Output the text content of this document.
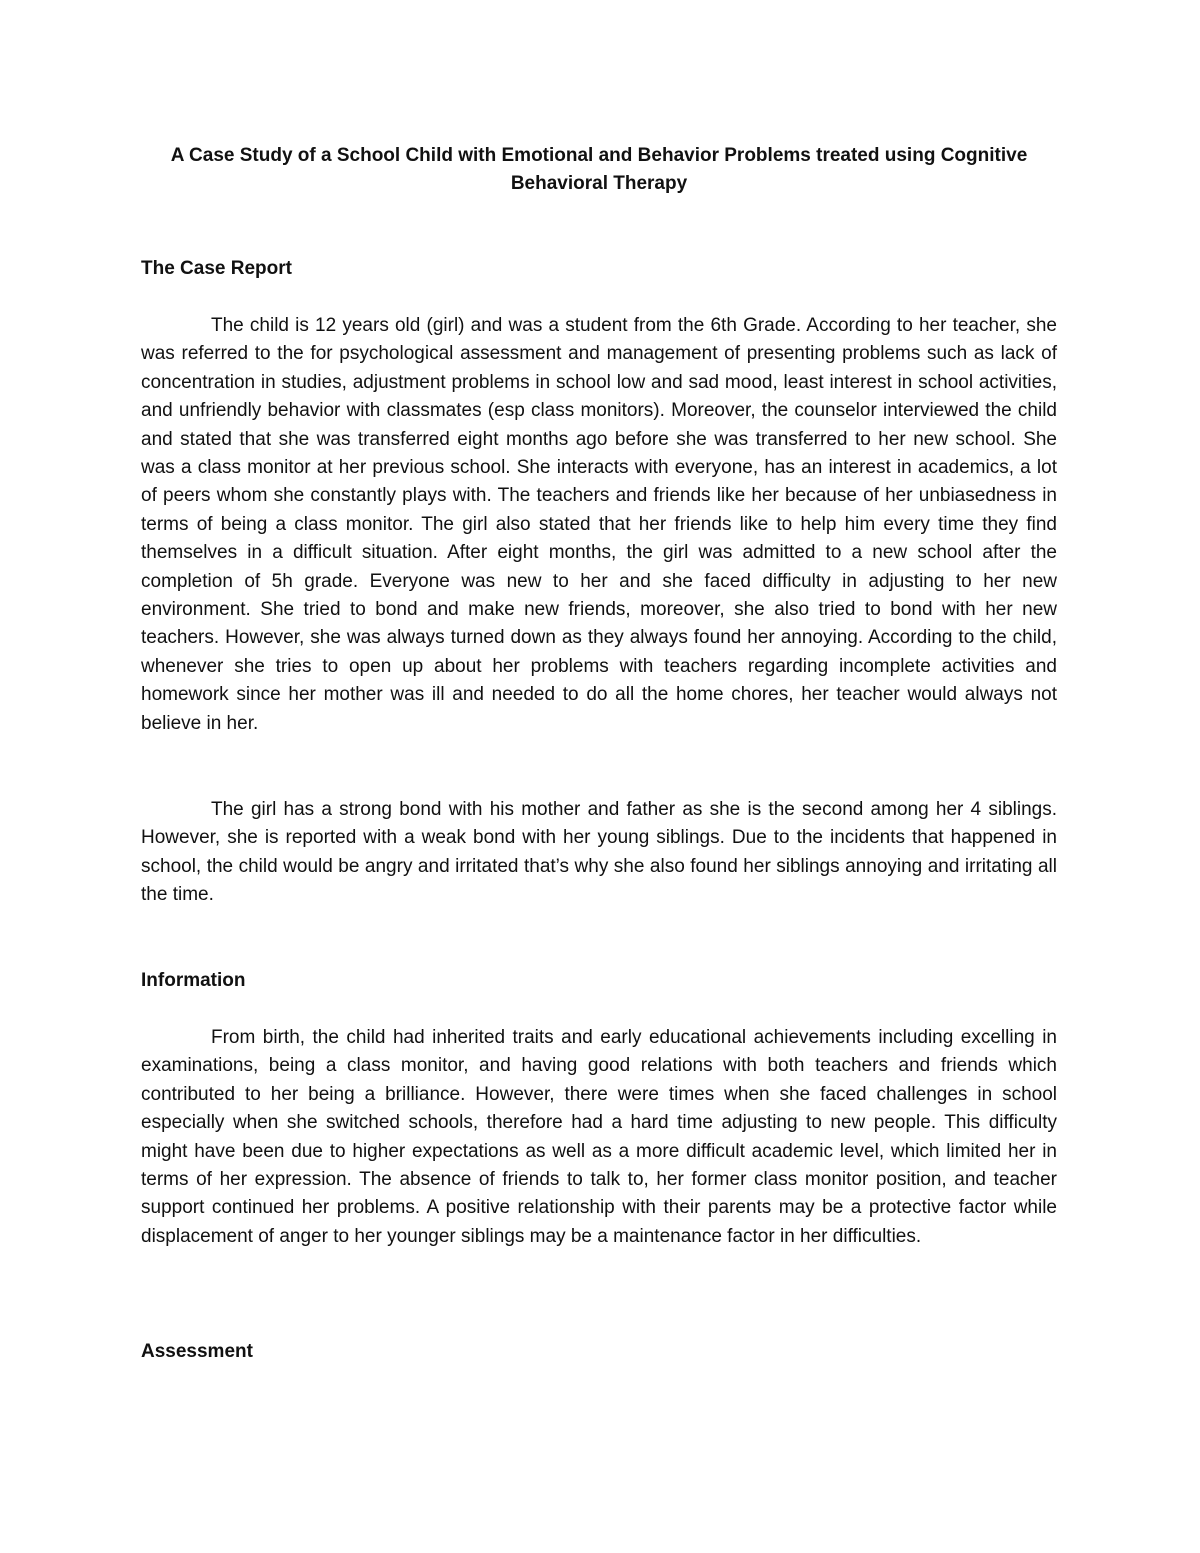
A Case Study of a School Child with Emotional and Behavior Problems treated using Cognitive Behavioral Therapy
The Case Report

The child is 12 years old (girl) and was a student from the 6th Grade. According to her teacher, she was referred to the for psychological assessment and management of presenting problems such as lack of concentration in studies, adjustment problems in school low and sad mood, least interest in school activities, and unfriendly behavior with classmates (esp class monitors). Moreover, the counselor interviewed the child and stated that she was transferred eight months ago before she was transferred to her new school. She was a class monitor at her previous school. She interacts with everyone, has an interest in academics, a lot of peers whom she constantly plays with. The teachers and friends like her because of her unbiasedness in terms of being a class monitor. The girl also stated that her friends like to help him every time they find themselves in a difficult situation. After eight months, the girl was admitted to a new school after the completion of 5h grade. Everyone was new to her and she faced difficulty in adjusting to her new environment. She tried to bond and make new friends, moreover, she also tried to bond with her new teachers. However, she was always turned down as they always found her annoying. According to the child, whenever she tries to open up about her problems with teachers regarding incomplete activities and homework since her mother was ill and needed to do all the home chores, her teacher would always not believe in her.

The girl has a strong bond with his mother and father as she is the second among her 4 siblings. However, she is reported with a weak bond with her young siblings. Due to the incidents that happened in school, the child would be angry and irritated that’s why she also found her siblings annoying and irritating all the time.

Information

From birth, the child had inherited traits and early educational achievements including excelling in examinations, being a class monitor, and having good relations with both teachers and friends which contributed to her being a brilliance. However, there were times when she faced challenges in school especially when she switched schools, therefore had a hard time adjusting to new people. This difficulty might have been due to higher expectations as well as a more difficult academic level, which limited her in terms of her expression. The absence of friends to talk to, her former class monitor position, and teacher support continued her problems. A positive relationship with their parents may be a protective factor while displacement of anger to her younger siblings may be a maintenance factor in her difficulties.

Assessment
